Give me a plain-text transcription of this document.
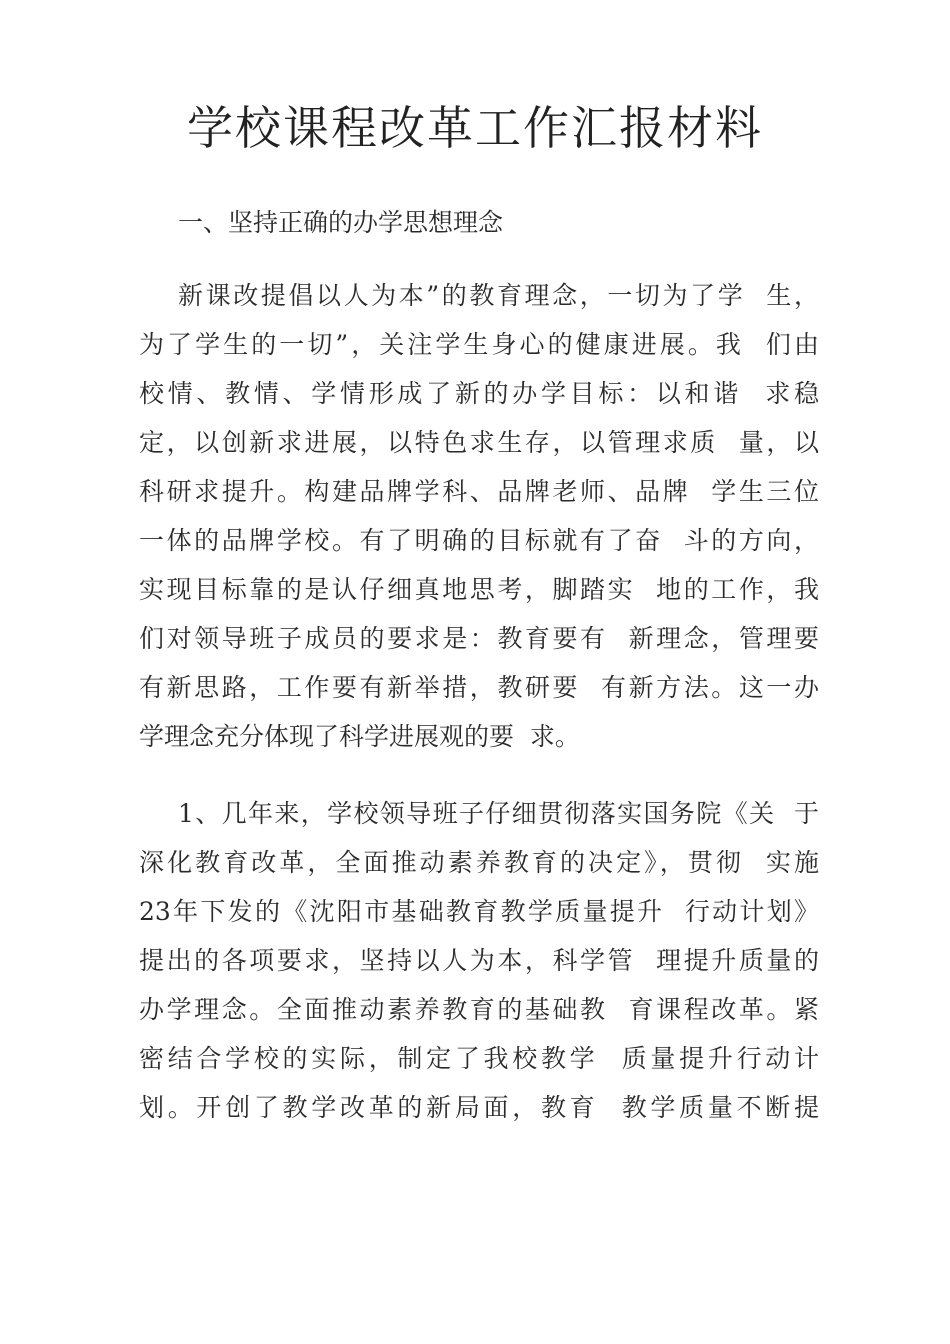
学校课程改革工作汇报材料

一、坚持正确的办学思想理念

新课改提倡以人为本”的教育理念，一切为了学  生，

为了学生的一切”，关注学生身心的健康进展。我  们由

校情、教情、学情形成了新的办学目标：以和谐  求稳

定，以创新求进展，以特色求生存，以管理求质  量，以

科研求提升。构建品牌学科、品牌老师、品牌  学生三位

一体的品牌学校。有了明确的目标就有了奋  斗的方向，

实现目标靠的是认仔细真地思考，脚踏实  地的工作，我

们对领导班子成员的要求是：教育要有  新理念，管理要

有新思路，工作要有新举措，教研要  有新方法。这一办

学理念充分体现了科学进展观的要  求。

1、几年来，学校领导班子仔细贯彻落实国务院《关  于

深化教育改革，全面推动素养教育的决定》，贯彻  实施

23年下发的《沈阳市基础教育教学质量提升  行动计划》

提出的各项要求，坚持以人为本，科学管  理提升质量的

办学理念。全面推动素养教育的基础教  育课程改革。紧

密结合学校的实际，制定了我校教学  质量提升行动计

划。开创了教学改革的新局面，教育  教学质量不断提
